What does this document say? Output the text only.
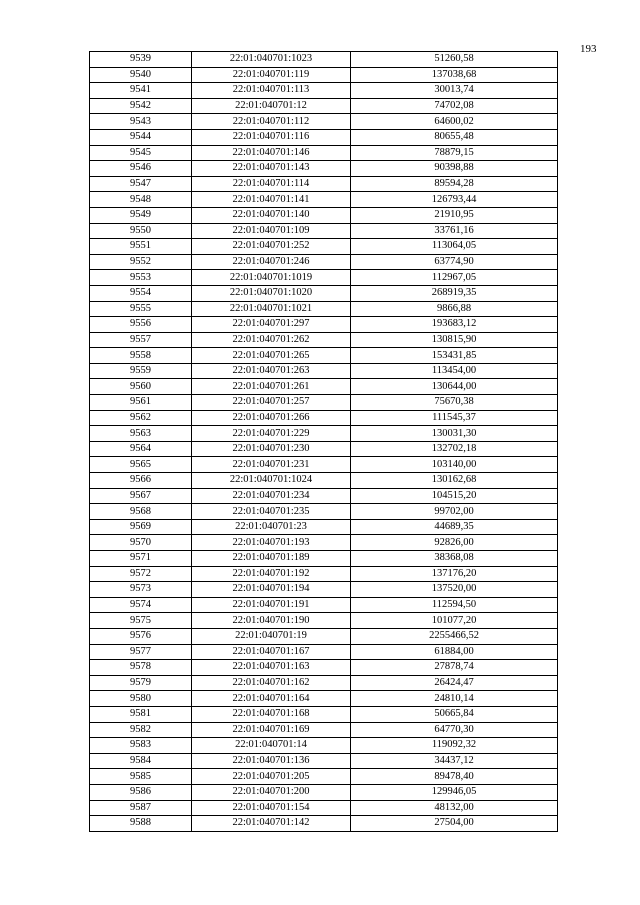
193
9539	22:01:040701:1023	51260,58
9540	22:01:040701:119	137038,68
9541	22:01:040701:113	30013,74
9542	22:01:040701:12	74702,08
9543	22:01:040701:112	64600,02
9544	22:01:040701:116	80655,48
9545	22:01:040701:146	78879,15
9546	22:01:040701:143	90398,88
9547	22:01:040701:114	89594,28
9548	22:01:040701:141	126793,44
9549	22:01:040701:140	21910,95
9550	22:01:040701:109	33761,16
9551	22:01:040701:252	113064,05
9552	22:01:040701:246	63774,90
9553	22:01:040701:1019	112967,05
9554	22:01:040701:1020	268919,35
9555	22:01:040701:1021	9866,88
9556	22:01:040701:297	193683,12
9557	22:01:040701:262	130815,90
9558	22:01:040701:265	153431,85
9559	22:01:040701:263	113454,00
9560	22:01:040701:261	130644,00
9561	22:01:040701:257	75670,38
9562	22:01:040701:266	111545,37
9563	22:01:040701:229	130031,30
9564	22:01:040701:230	132702,18
9565	22:01:040701:231	103140,00
9566	22:01:040701:1024	130162,68
9567	22:01:040701:234	104515,20
9568	22:01:040701:235	99702,00
9569	22:01:040701:23	44689,35
9570	22:01:040701:193	92826,00
9571	22:01:040701:189	38368,08
9572	22:01:040701:192	137176,20
9573	22:01:040701:194	137520,00
9574	22:01:040701:191	112594,50
9575	22:01:040701:190	101077,20
9576	22:01:040701:19	2255466,52
9577	22:01:040701:167	61884,00
9578	22:01:040701:163	27878,74
9579	22:01:040701:162	26424,47
9580	22:01:040701:164	24810,14
9581	22:01:040701:168	50665,84
9582	22:01:040701:169	64770,30
9583	22:01:040701:14	119092,32
9584	22:01:040701:136	34437,12
9585	22:01:040701:205	89478,40
9586	22:01:040701:200	129946,05
9587	22:01:040701:154	48132,00
9588	22:01:040701:142	27504,00
